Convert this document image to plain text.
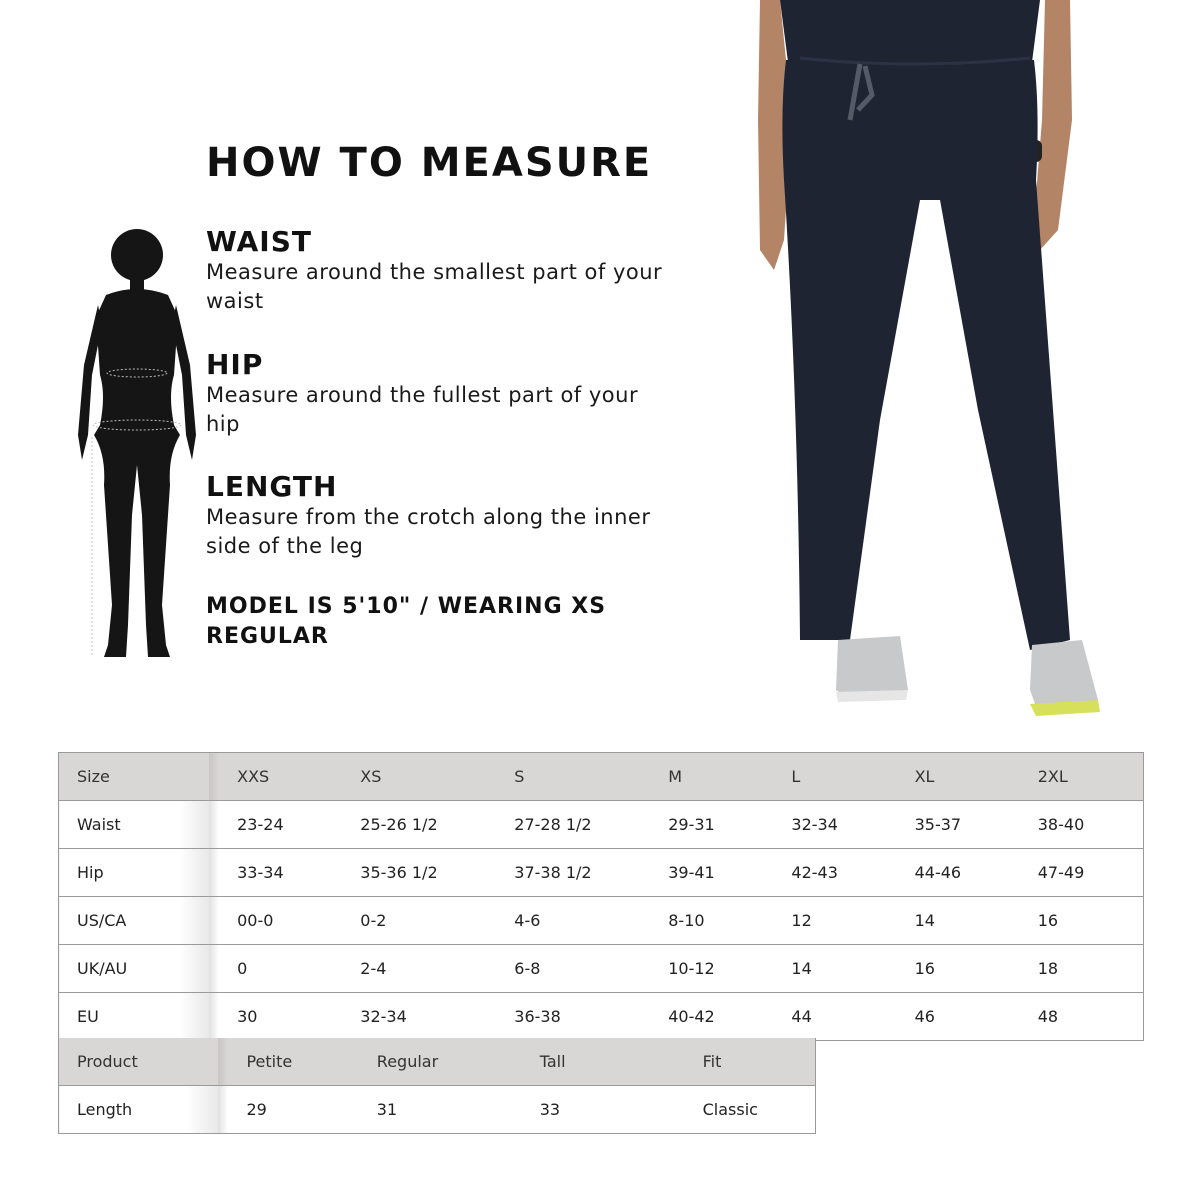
HOW TO MEASURE
WAIST
Measure around the smallest part of your waist
HIP
Measure around the fullest part of your hip
LENGTH
Measure from the crotch along the inner side of the leg
MODEL IS 5'10" / WEARING XS REGULAR
Size		XXS	XS	S	M	L	XL	2XL
Waist		23-24	25-26 1/2	27-28 1/2	29-31	32-34	35-37	38-40
Hip		33-34	35-36 1/2	37-38 1/2	39-41	42-43	44-46	47-49
US/CA		00-0	0-2	4-6	8-10	12	14	16
UK/AU		0	2-4	6-8	10-12	14	16	18
EU		30	32-34	36-38	40-42	44	46	48
Product		Petite	Regular	Tall	Fit
Length		29	31	33	Classic
